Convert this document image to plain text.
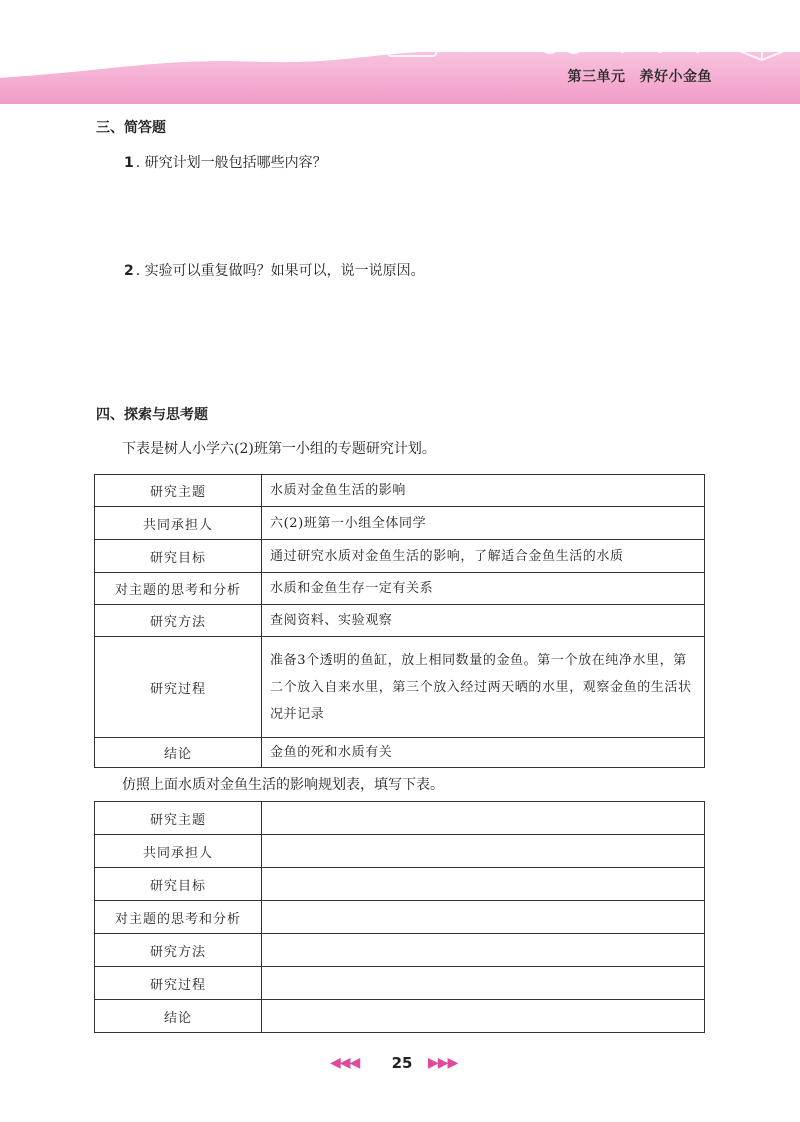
第三单元 养好小金鱼
三、简答题
1 . 研究计划一般包括哪些内容？
2 . 实验可以重复做吗？如果可以，说一说原因。
四、探索与思考题
下表是树人小学六(2)班第一小组的专题研究计划。
研究主题	水质对金鱼生活的影响
共同承担人	六(2)班第一小组全体同学
研究目标	通过研究水质对金鱼生活的影响，了解适合金鱼生活的水质
对主题的思考和分析	水质和金鱼生存一定有关系
研究方法	查阅资料、实验观察
研究过程	准备3个透明的鱼缸，放上相同数量的金鱼。第一个放在纯净水里，第二个放入自来水里，第三个放入经过两天晒的水里，观察金鱼的生活状况并记录
结论	金鱼的死和水质有关
仿照上面水质对金鱼生活的影响规划表，填写下表。
研究主题	
共同承担人	
研究目标	
对主题的思考和分析	
研究方法	
研究过程	
结论	
◀◀◀ 25 ▶▶▶
